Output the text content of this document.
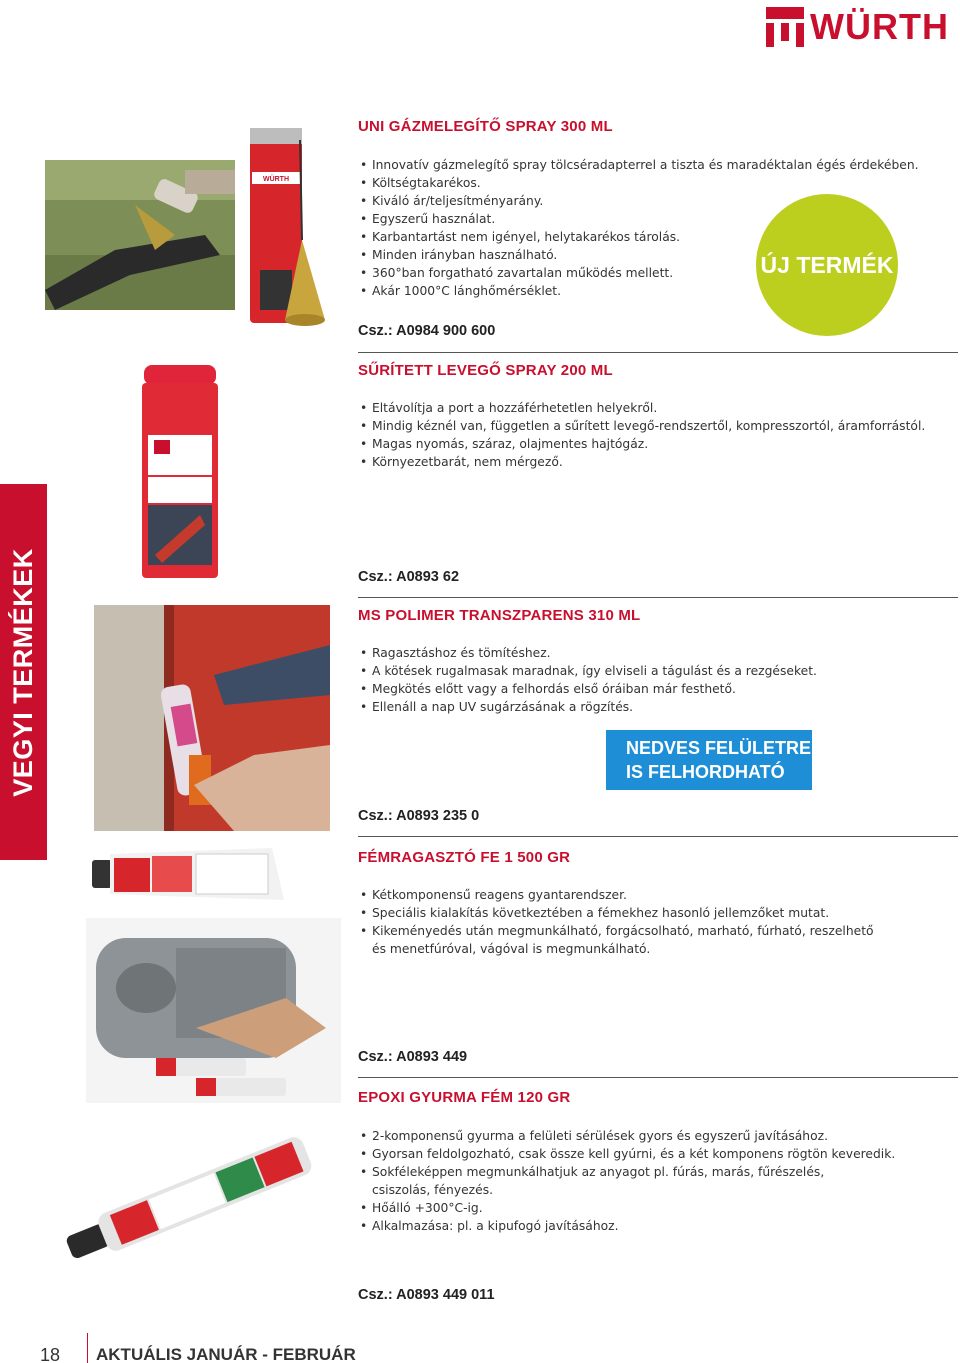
WÜRTH
VEGYI TERMÉKEK
WÜRTH
UNI GÁZMELEGÍTŐ SPRAY 300 ML
• Innovatív gázmelegítő spray tölcséradapterrel a tiszta és maradéktalan égés érdekében.
• Költségtakarékos.
• Kiváló ár/teljesítményarány.
• Egyszerű használat.
• Karbantartást nem igényel, helytakarékos tárolás.
• Minden irányban használható.
• 360°ban forgatható zavartalan működés mellett.
• Akár 1000°C lánghőmérséklet.
ÚJ TERMÉK
Csz.: A0984 900 600
SŰRÍTETT LEVEGŐ SPRAY 200 ML
• Eltávolítja a port a hozzáférhetetlen helyekről.
• Mindig kéznél van, független a sűrített levegő-rendszertől, kompresszortól, áramforrástól.
• Magas nyomás, száraz, olajmentes hajtógáz.
• Környezetbarát, nem mérgező.
Csz.: A0893 62
MS POLIMER TRANSZPARENS 310 ML
• Ragasztáshoz és tömítéshez.
• A kötések rugalmasak maradnak, így elviseli a tágulást és a rezgéseket.
• Megkötés előtt vagy a felhordás első óráiban már festhető.
• Ellenáll a nap UV sugárzásának a rögzítés.
NEDVES FELÜLETRE
IS FELHORDHATÓ
Csz.: A0893 235 0
FÉMRAGASZTÓ FE 1 500 GR
• Kétkomponensű reagens gyantarendszer.
• Speciális kialakítás következtében a fémekhez hasonló jellemzőket mutat.
• Kikeményedés után megmunkálható, forgácsolható, marható, fúrható, reszelhető és menetfúróval, vágóval is megmunkálható.
Csz.: A0893 449
EPOXI GYURMA FÉM 120 GR
• 2-komponensű gyurma a felületi sérülések gyors és egyszerű javításához.
• Gyorsan feldolgozható, csak össze kell gyúrni, és a két komponens rögtön keveredik.
• Sokféleképpen megmunkálhatjuk az anyagot pl. fúrás, marás, fűrészelés, csiszolás, fényezés.
• Hőálló +300°C-ig.
• Alkalmazása: pl. a kipufogó javításához.
Csz.: A0893 449 011
18 AKTUÁLIS JANUÁR - FEBRUÁR
